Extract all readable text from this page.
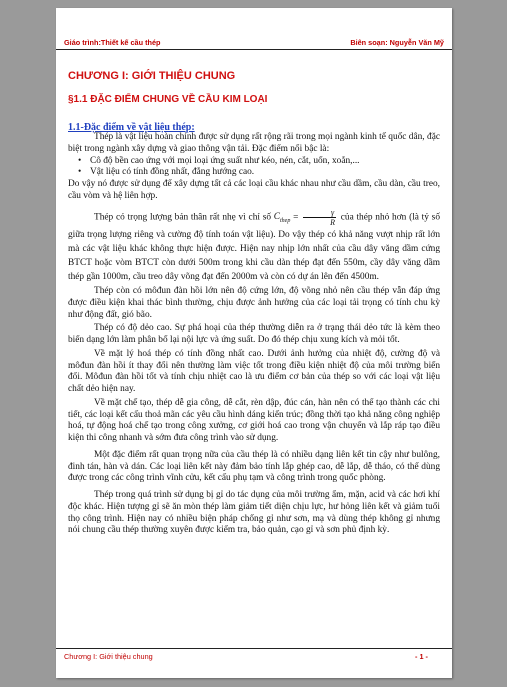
Giáo trình:Thiết kế cầu thép	Biên soạn: Nguyễn Văn Mỹ
CHƯƠNG I: GIỚI THIỆU CHUNG
§1.1 ĐẶC ĐIỂM CHUNG VỀ CẦU KIM LOẠI
1.1-Đặc điểm về vật liệu thép:

Thép là vật liệu hoàn chỉnh được sử dụng rất rộng rãi trong mọi ngành kinh tế quốc dân, đặc biệt trong ngành xây dựng và giao thông vận tải. Đặc điểm nổi bậc là:

• Cô độ bền cao ứng với mọi loại ứng suất như kéo, nén, cắt, uốn, xoắn,...

• Vật liệu có tính đồng nhất, đẳng hướng cao.

Do vậy nó được sử dụng để xây dựng tất cả các loại cầu khác nhau như cầu dầm, cầu dàn, cầu treo, cầu vòm và hệ liên hợp.

Thép có trọng lượng bản thân rất nhẹ vì chỉ số $C_{thep} = \frac{\gamma}{R}$ của thép nhỏ hơn (là tỷ số giữa trọng lượng riêng và cường độ tính toán vật liệu). Do vậy thép có khả năng vượt nhịp rất lớn mà các vật liệu khác không thực hiện được. Hiện nay nhịp lớn nhất của cầu dây văng dầm cứng BTCT hoặc vòm BTCT còn dưới 500m trong khi cầu dàn thép đạt đến 550m, cầy dây văng dầm thép gần 1000m, cầu treo dây võng đạt đến 2000m và còn có dự án lên đến 4500m.

Thép còn có môđun đàn hồi lớn nên độ cứng lớn, độ võng nhỏ nên cầu thép vẫn đáp ứng được điều kiện khai thác bình thường, chịu được ảnh hưởng của các loại tải trọng có tính chu kỳ như động đất, gió bão.

Thép có độ dẻo cao. Sự phá hoại của thép thường diễn ra ở trạng thái dẻo tức là kèm theo biến dạng lớn làm phân bố lại nội lực và ứng suất. Do đó thép chịu xung kích và mỏi tốt.

Về mặt lý hoá thép có tính đồng nhất cao. Dưới ảnh hưởng của nhiệt độ, cường độ và môđun đàn hồi ít thay đổi nên thường làm việc tốt trong điều kiện nhiệt độ của môi trường biến đổi. Môđun đàn hồi tốt và tính chịu nhiệt cao là ưu điểm cơ bản của thép so với các loại vật liệu chất dẻo hiện nay.

Về mặt chế tạo, thép dễ gia công, dễ cắt, rèn dập, đúc cán, hàn nên có thể tạo thành các chi tiết, các loại kết cấu thoả mãn các yêu cầu hình dáng kiến trúc; đồng thời tạo khả năng công nghiệp hoá, tự động hoá chế tạo trong công xưởng, cơ giới hoá cao trong vận chuyển và lắp ráp tạo điều kiện thi công nhanh và sớm đưa công trình vào sử dụng.

Một đặc điểm rất quan trọng nữa của cầu thép là có nhiều dạng liên kết tin cậy như bulông, đinh tán, hàn và dán. Các loại liên kết này đảm bảo tính lắp ghép cao, dễ lắp, dễ tháo, có thể dùng được trong các công trình vĩnh cửu, kết cấu phụ tạm và công trình trong quốc phòng.

Thép trong quá trình sử dụng bị gỉ do tác dụng của môi trường ẩm, mặn, acid và các hơi khí độc khác. Hiện tượng gỉ sẽ ăn mòn thép làm giảm tiết diện chịu lực, hư hỏng liên kết và giảm tuổi thọ công trình. Hiện nay có nhiều biện pháp chống gỉ như sơn, mạ và dùng thép không gỉ nhưng nói chung cầu thép thường xuyên được kiểm tra, bảo quản, cạo gỉ và sơn phủ định kỳ.

Chương I: Giới thiệu chung	- 1 -
